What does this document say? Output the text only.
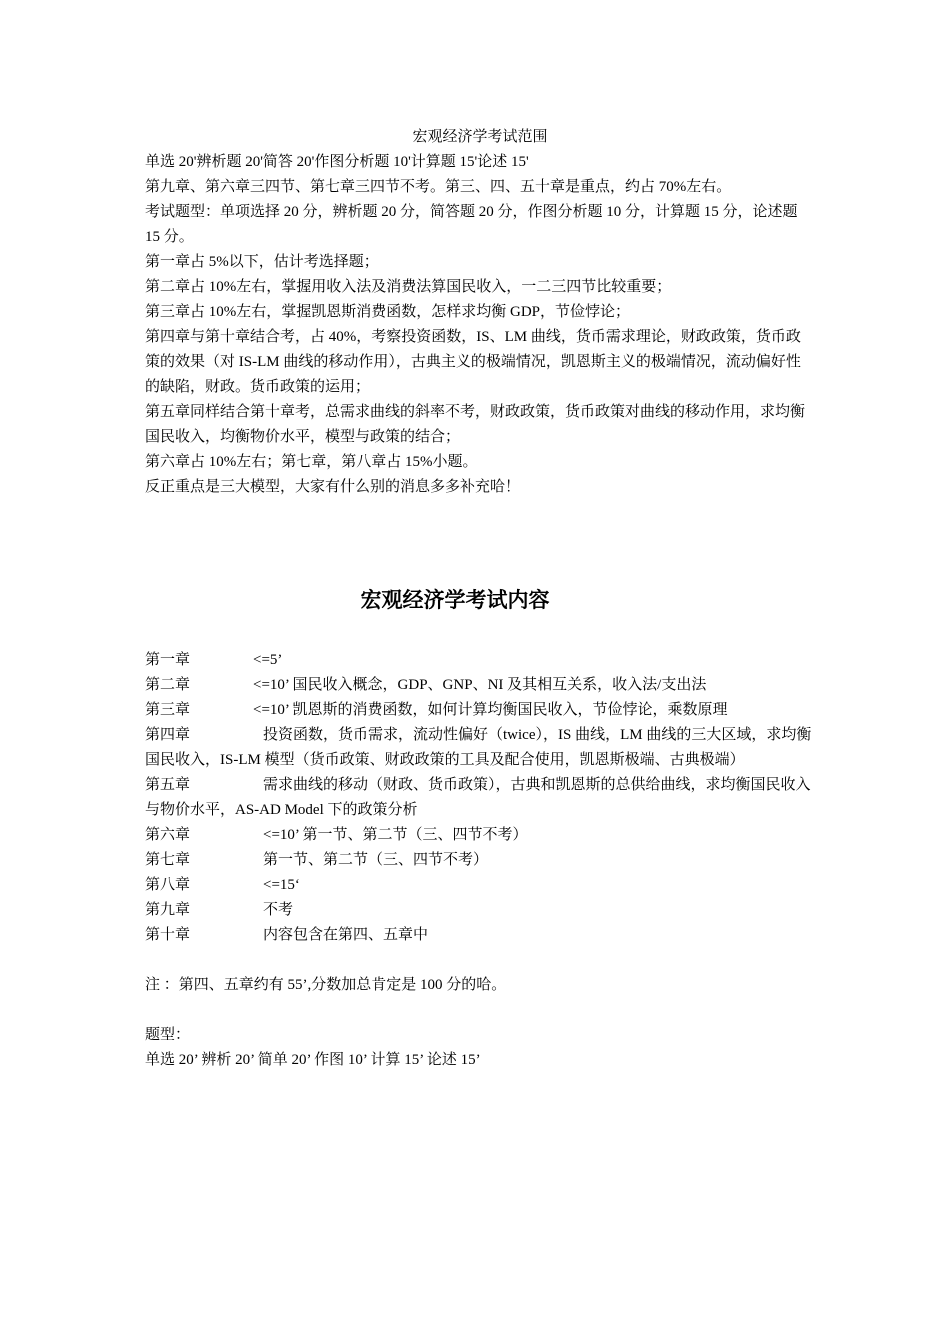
宏观经济学考试范围
单选 20'辨析题 20'简答 20'作图分析题 10'计算题 15'论述 15'
第九章、第六章三四节、第七章三四节不考。第三、四、五十章是重点，约占 70%左右。
考试题型：单项选择 20 分，辨析题 20 分，简答题 20 分，作图分析题 10 分，计算题 15 分，论述题 15 分。
第一章占 5%以下，估计考选择题；
第二章占 10%左右，掌握用收入法及消费法算国民收入，一二三四节比较重要；
第三章占 10%左右，掌握凯恩斯消费函数，怎样求均衡 GDP，节俭悖论；
第四章与第十章结合考，占 40%，考察投资函数，IS、LM 曲线，货币需求理论，财政政策，货币政策的效果（对 IS-LM 曲线的移动作用），古典主义的极端情况，凯恩斯主义的极端情况，流动偏好性的缺陷，财政。货币政策的运用；
第五章同样结合第十章考，总需求曲线的斜率不考，财政政策，货币政策对曲线的移动作用，求均衡国民收入，均衡物价水平，模型与政策的结合；
第六章占 10%左右；第七章，第八章占 15%小题。
反正重点是三大模型，大家有什么别的消息多多补充哈！
宏观经济学考试内容
第一章	<=5’
第二章	<=10’ 国民收入概念，GDP、GNP、NI 及其相互关系，收入法/支出法
第三章	<=10’ 凯恩斯的消费函数，如何计算均衡国民收入，节俭悖论，乘数原理
第四章	投资函数，货币需求，流动性偏好（twice），IS 曲线，LM 曲线的三大区域，求均衡国民收入，IS-LM 模型（货币政策、财政政策的工具及配合使用，凯恩斯极端、古典极端）
第五章	需求曲线的移动（财政、货币政策），古典和凯恩斯的总供给曲线，求均衡国民收入与物价水平，AS-AD Model 下的政策分析
第六章	<=10’ 第一节、第二节（三、四节不考）
第七章	第一节、第二节（三、四节不考）
第八章	<=15‘
第九章	不考
第十章	内容包含在第四、五章中
注 ：第四、五章约有 55’,分数加总肯定是 100 分的哈。
题型：
单选 20’ 辨析 20’ 简单 20’ 作图 10’ 计算 15’ 论述 15’
